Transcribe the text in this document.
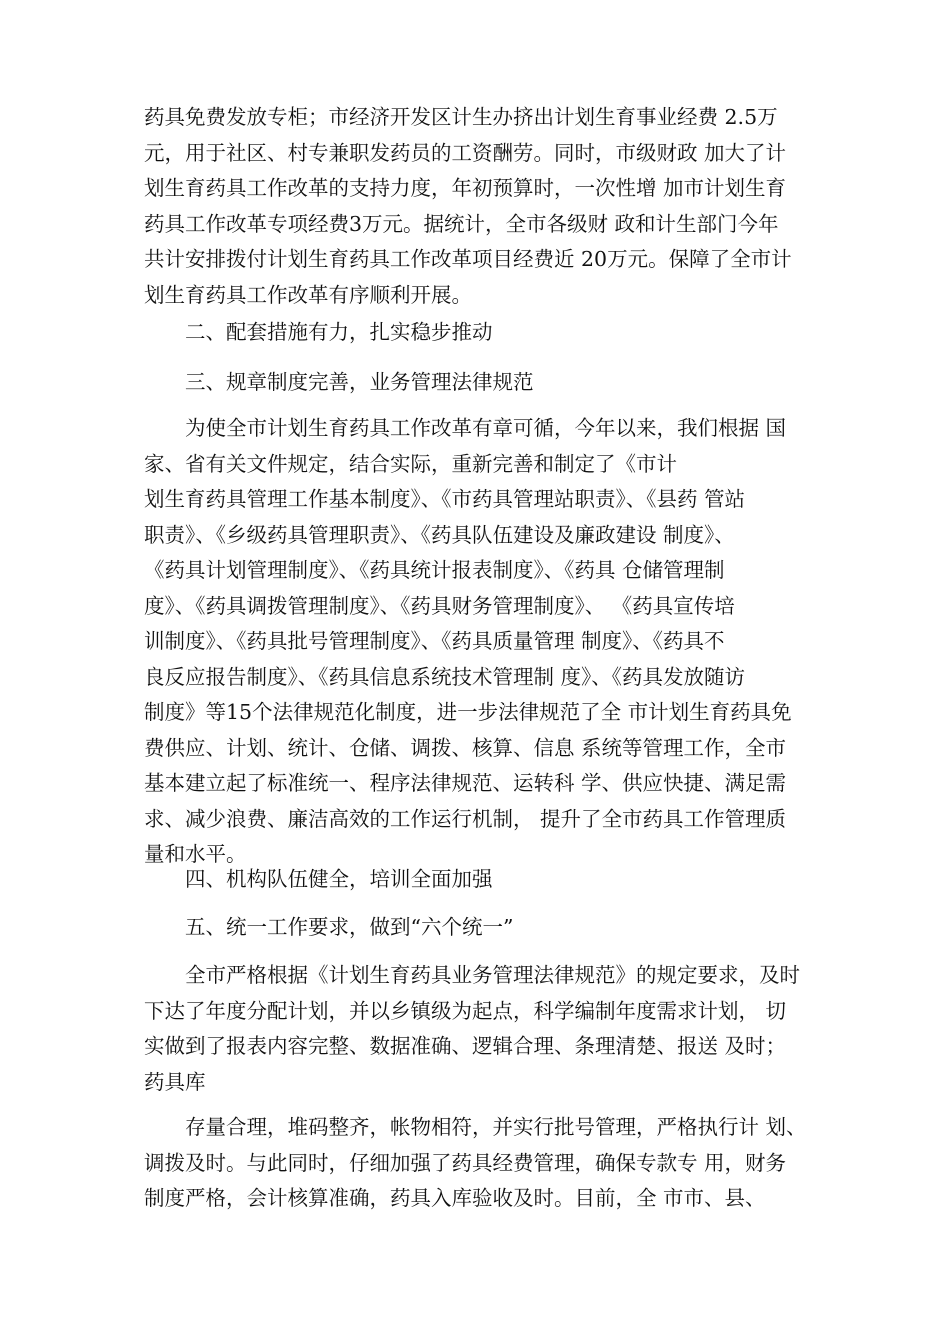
药具免费发放专柜；市经济开发区计生办挤出计划生育事业经费 2.5万
元，用于社区、村专兼职发药员的工资酬劳。同时，市级财政 加大了计
划生育药具工作改革的支持力度，年初预算时，一次性增 加市计划生育
药具工作改革专项经费3万元。据统计，全市各级财 政和计生部门今年
共计安排拨付计划生育药具工作改革项目经费近 20万元。保障了全市计
划生育药具工作改革有序顺利开展。
二、配套措施有力，扎实稳步推动
三、规章制度完善，业务管理法律规范
为使全市计划生育药具工作改革有章可循，今年以来，我们根据 国
家、省有关文件规定，结合实际，重新完善和制定了《市计
划生育药具管理工作基本制度》、《市药具管理站职责》、《县药 管站
职责》、《乡级药具管理职责》、《药具队伍建设及廉政建设 制度》、
《药具计划管理制度》、《药具统计报表制度》、《药具 仓储管理制
度》、《药具调拨管理制度》、《药具财务管理制度》、 《药具宣传培
训制度》、《药具批号管理制度》、《药具质量管理 制度》、《药具不
良反应报告制度》、《药具信息系统技术管理制 度》、《药具发放随访
制度》等15个法律规范化制度，进一步法律规范了全 市计划生育药具免
费供应、计划、统计、仓储、调拨、核算、信息 系统等管理工作，全市
基本建立起了标准统一、程序法律规范、运转科 学、供应快捷、满足需
求、减少浪费、廉洁高效的工作运行机制， 提升了全市药具工作管理质
量和水平。
四、机构队伍健全，培训全面加强
五、统一工作要求，做到“六个统一”
全市严格根据《计划生育药具业务管理法律规范》的规定要求，及时
下达了年度分配计划，并以乡镇级为起点，科学编制年度需求计划， 切
实做到了报表内容完整、数据准确、逻辑合理、条理清楚、报送 及时；
药具库
存量合理，堆码整齐，帐物相符，并实行批号管理，严格执行计 划、
调拨及时。与此同时，仔细加强了药具经费管理，确保专款专 用，财务
制度严格，会计核算准确，药具入库验收及时。目前，全 市市、县、
